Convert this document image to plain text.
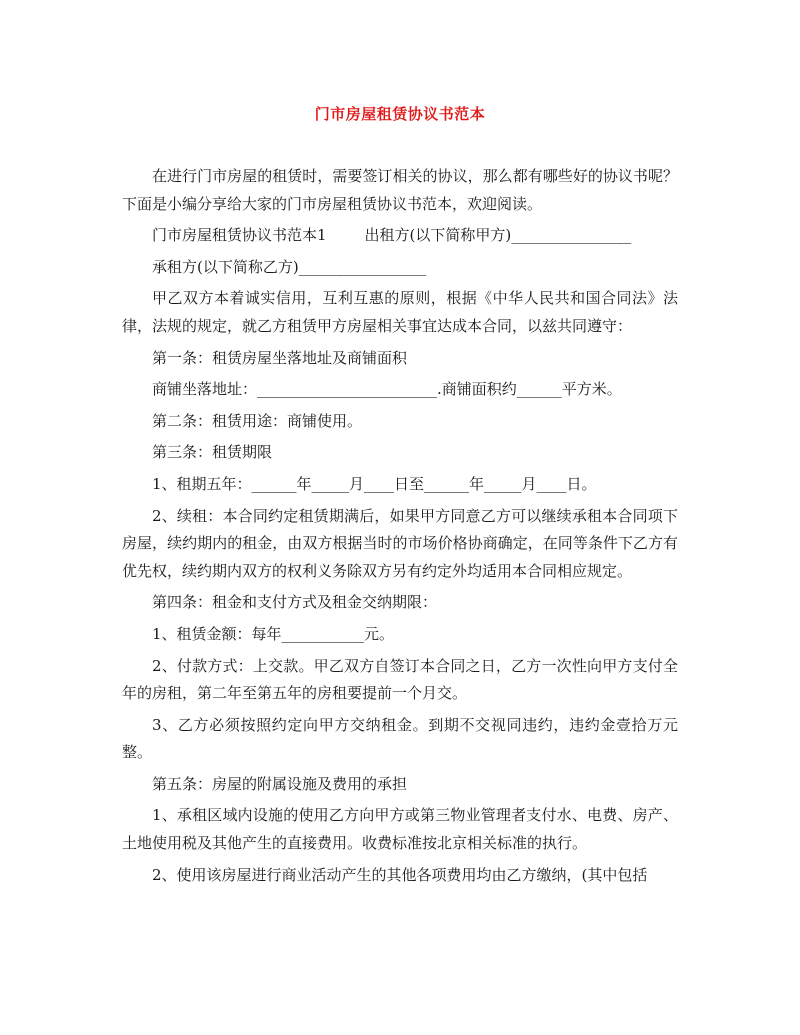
门市房屋租赁协议书范本

在进行门市房屋的租赁时，需要签订相关的协议，那么都有哪些好的协议书呢？下面是小编分享给大家的门市房屋租赁协议书范本，欢迎阅读。

门市房屋租赁协议书范本1	出租方(以下简称甲方)________________

承租方(以下简称乙方)_________________

甲乙双方本着诚实信用，互利互惠的原则，根据《中华人民共和国合同法》法律，法规的规定，就乙方租赁甲方房屋相关事宜达成本合同，以兹共同遵守：

第一条：租赁房屋坐落地址及商铺面积

商铺坐落地址：________________________.商铺面积约______平方米。

第二条：租赁用途：商铺使用。

第三条：租赁期限

1、租期五年：______年_____月____日至______年_____月____日。

2、续租：本合同约定租赁期满后，如果甲方同意乙方可以继续承租本合同项下房屋，续约期内的租金，由双方根据当时的市场价格协商确定，在同等条件下乙方有优先权，续约期内双方的权利义务除双方另有约定外均适用本合同相应规定。

第四条：租金和支付方式及租金交纳期限：

1、租赁金额：每年___________元。

2、付款方式：上交款。甲乙双方自签订本合同之日，乙方一次性向甲方支付全年的房租，第二年至第五年的房租要提前一个月交。

3、乙方必须按照约定向甲方交纳租金。到期不交视同违约，违约金壹拾万元整。

第五条：房屋的附属设施及费用的承担

1、承租区域内设施的使用乙方向甲方或第三物业管理者支付水、电费、房产、土地使用税及其他产生的直接费用。收费标准按北京相关标准的执行。

2、使用该房屋进行商业活动产生的其他各项费用均由乙方缴纳，(其中包括
